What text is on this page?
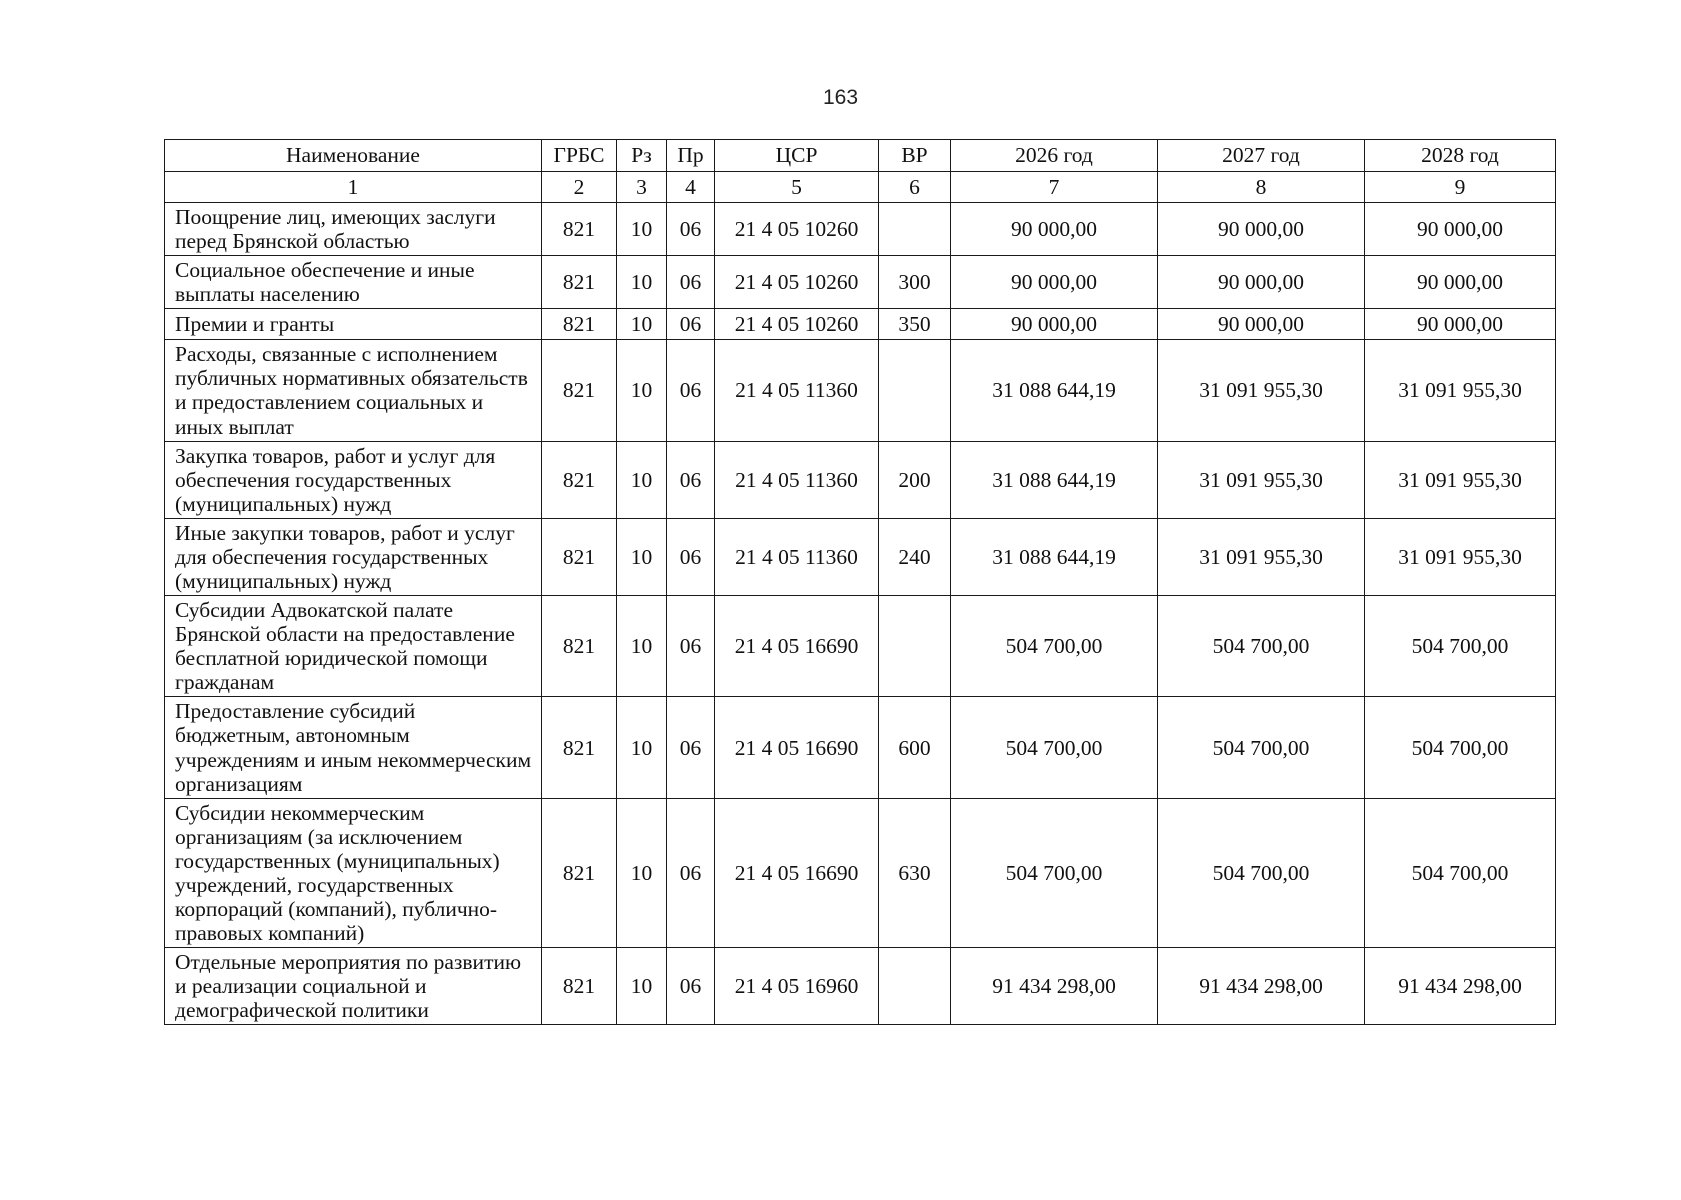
163
Наименование	ГРБС	Рз	Пр	ЦСР	ВР	2026 год	2027 год	2028 год
1	2	3	4	5	6	7	8	9
Поощрение лиц, имеющих заслуги перед Брянской областью	821	10	06	21 4 05 10260		90 000,00	90 000,00	90 000,00
Социальное обеспечение и иные выплаты населению	821	10	06	21 4 05 10260	300	90 000,00	90 000,00	90 000,00
Премии и гранты	821	10	06	21 4 05 10260	350	90 000,00	90 000,00	90 000,00
Расходы, связанные с исполнением публичных нормативных обязательств и предоставлением социальных и иных выплат	821	10	06	21 4 05 11360		31 088 644,19	31 091 955,30	31 091 955,30
Закупка товаров, работ и услуг для обеспечения государственных (муниципальных) нужд	821	10	06	21 4 05 11360	200	31 088 644,19	31 091 955,30	31 091 955,30
Иные закупки товаров, работ и услуг для обеспечения государственных (муниципальных) нужд	821	10	06	21 4 05 11360	240	31 088 644,19	31 091 955,30	31 091 955,30
Субсидии Адвокатской палате Брянской области на предоставление бесплатной юридической помощи гражданам	821	10	06	21 4 05 16690		504 700,00	504 700,00	504 700,00
Предоставление субсидий бюджетным, автономным учреждениям и иным некоммерческим организациям	821	10	06	21 4 05 16690	600	504 700,00	504 700,00	504 700,00
Субсидии некоммерческим организациям (за исключением государственных (муниципальных) учреждений, государственных корпораций (компаний), публично-правовых компаний)	821	10	06	21 4 05 16690	630	504 700,00	504 700,00	504 700,00
Отдельные мероприятия по развитию и реализации социальной и демографической политики	821	10	06	21 4 05 16960		91 434 298,00	91 434 298,00	91 434 298,00
